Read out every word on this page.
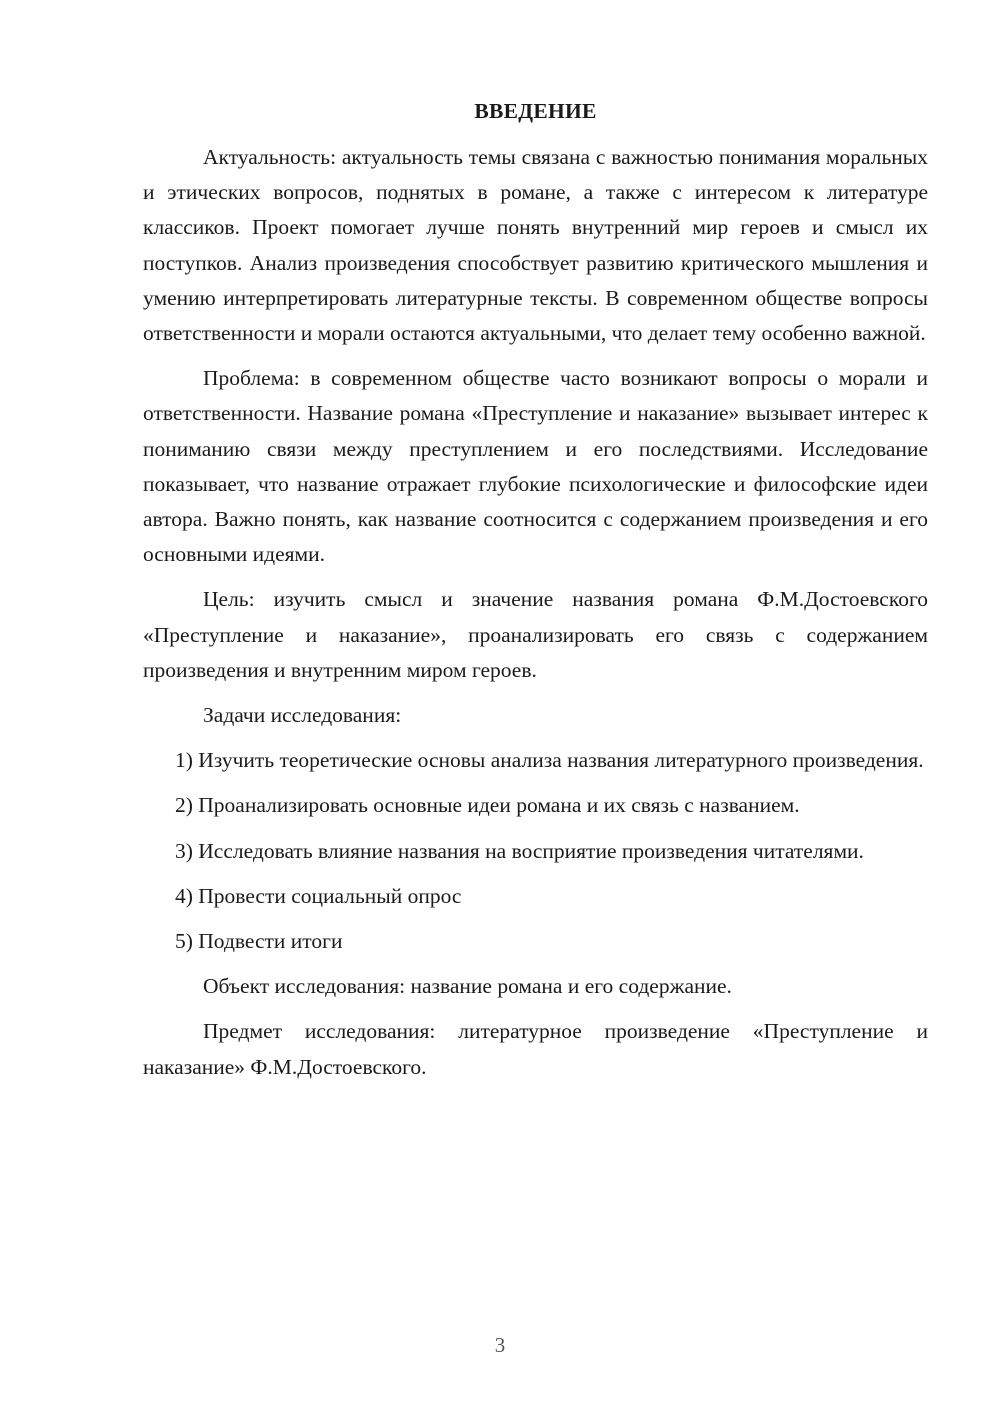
ВВЕДЕНИЕ

Актуальность: актуальность темы связана с важностью понимания моральных и этических вопросов, поднятых в романе, а также с интересом к литературе классиков. Проект помогает лучше понять внутренний мир героев и смысл их поступков. Анализ произведения способствует развитию критического мышления и умению интерпретировать литературные тексты. В современном обществе вопросы ответственности и морали остаются актуальными, что делает тему особенно важной.

Проблема: в современном обществе часто возникают вопросы о морали и ответственности. Название романа «Преступление и наказание» вызывает интерес к пониманию связи между преступлением и его последствиями. Исследование показывает, что название отражает глубокие психологические и философские идеи автора. Важно понять, как название соотносится с содержанием произведения и его основными идеями.

Цель: изучить смысл и значение названия романа Ф.М.Достоевского «Преступление и наказание», проанализировать его связь с содержанием произведения и внутренним миром героев.

Задачи исследования:

1) Изучить теоретические основы анализа названия литературного произведения.

2) Проанализировать основные идеи романа и их связь с названием.

3) Исследовать влияние названия на восприятие произведения читателями.

4) Провести социальный опрос

5) Подвести итоги

Объект исследования: название романа и его содержание.

Предмет исследования: литературное произведение «Преступление и наказание» Ф.М.Достоевского.

3
